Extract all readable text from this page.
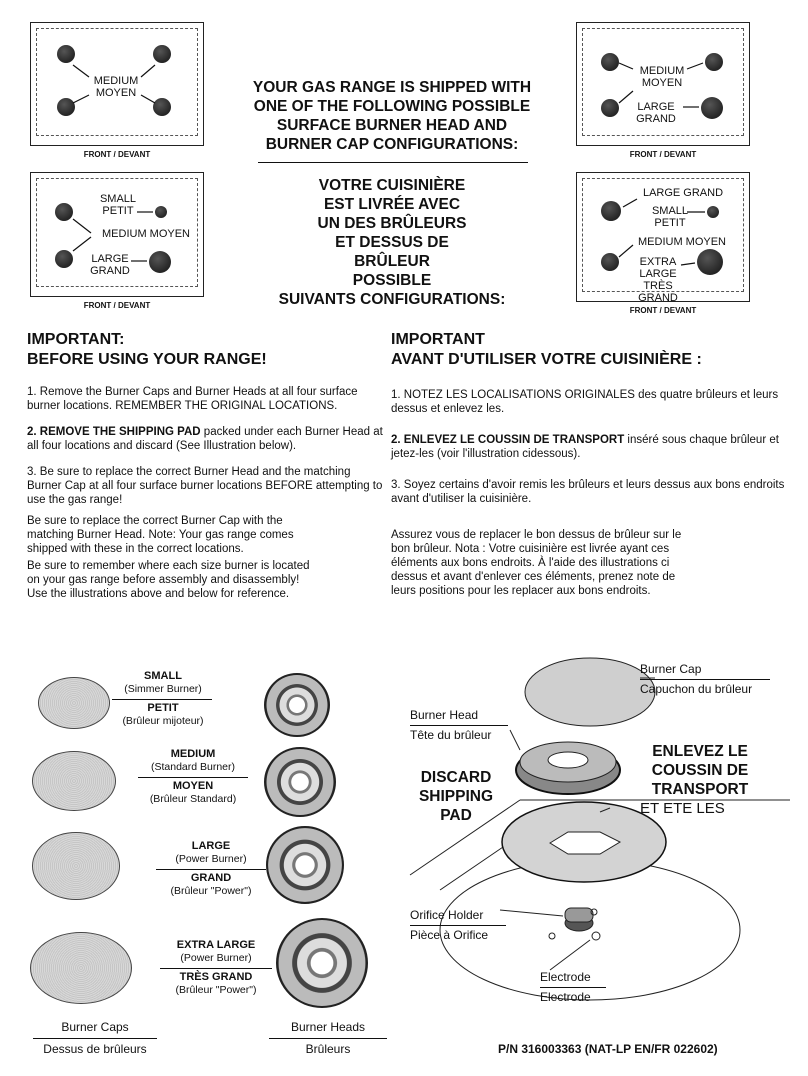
MEDIUM
MOYEN
FRONT / DEVANT
SMALL
PETIT
MEDIUM MOYEN
LARGE
GRAND
FRONT / DEVANT
MEDIUM
MOYEN
LARGE
GRAND
FRONT / DEVANT
LARGE GRAND
SMALL
PETIT
MEDIUM MOYEN
EXTRA
LARGE
TRÈS GRAND
FRONT / DEVANT
YOUR GAS RANGE IS SHIPPED WITH
ONE OF THE FOLLOWING POSSIBLE
SURFACE BURNER HEAD AND
BURNER CAP CONFIGURATIONS:
VOTRE CUISINIÈRE
EST LIVRÉE AVEC
UN DES BRÛLEURS
ET DESSUS DE
BRÛLEUR
POSSIBLE
SUIVANTS CONFIGURATIONS:
IMPORTANT:
BEFORE USING YOUR RANGE!
1. Remove the Burner Caps and Burner Heads at all four surface burner locations. REMEMBER THE ORIGINAL LOCATIONS.
2. REMOVE THE SHIPPING PAD packed under each Burner Head at all four locations and discard (See Illustration below).
3. Be sure to replace the correct Burner Head and the matching Burner Cap at all four surface burner locations BEFORE attempting to use the gas range!
Be sure to replace the correct Burner Cap with the matching Burner Head. Note: Your gas range comes shipped with these in the correct locations.
Be sure to remember where each size burner is located on your gas range before assembly and disassembly! Use the illustrations above and below for reference.
IMPORTANT
AVANT D'UTILISER VOTRE CUISINIÈRE :
1. NOTEZ LES LOCALISATIONS ORIGINALES des quatre brûleurs et leurs dessus et enlevez les.
2. ENLEVEZ LE COUSSIN DE TRANSPORT inséré sous chaque brûleur et jetez-les (voir l'illustration cidessous).
3. Soyez certains d'avoir remis les brûleurs et leurs dessus aux bons endroits avant d'utiliser la cuisinière.
Assurez vous de replacer le bon dessus de brûleur sur le bon brûleur. Nota : Votre cuisinière est livrée ayant ces éléments aux bons endroits. À l'aide des illustrations ci dessus et avant d'enlever ces éléments, prenez note de leurs positions pour les replacer aux bons endroits.
SMALL
(Simmer Burner)
PETIT
(Brûleur mijoteur)
MEDIUM
(Standard Burner)
MOYEN
(Brûleur Standard)
LARGE
(Power Burner)
GRAND
(Brûleur "Power")
EXTRA LARGE
(Power Burner)
TRÈS GRAND
(Brûleur "Power")
Burner Caps
Dessus de brûleurs
Burner Heads
Brûleurs	P/N 316003363 (NAT-LP EN/FR 022602)
Burner Cap
Capuchon du brûleur
Burner Head
Tête du brûleur
DISCARD
SHIPPING
PAD
ENLEVEZ LE
COUSSIN DE
TRANSPORT
ET ETE LES
Orifice Holder
Pièce à Orifice
Electrode
Electrode
